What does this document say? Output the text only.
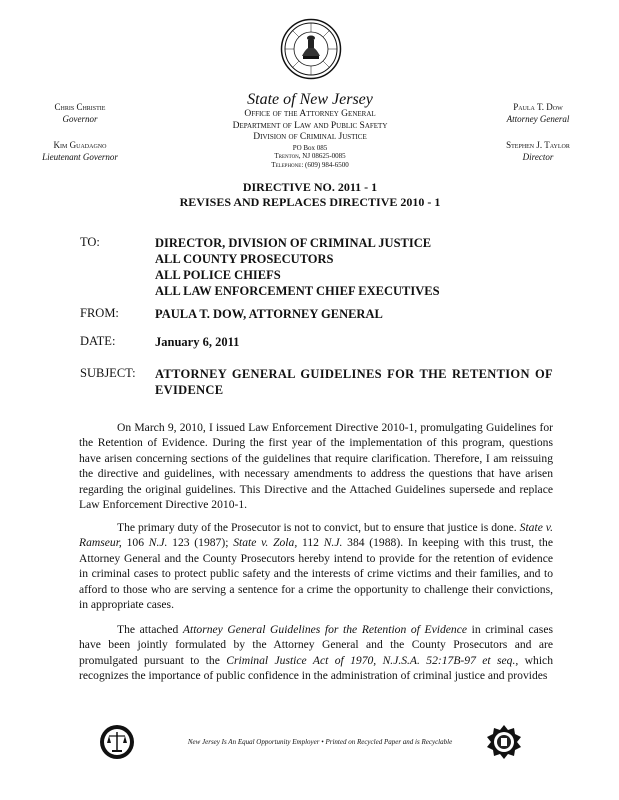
Chris Christie
Governor
Kim Guadagno
Lieutenant Governor
State of New Jersey
Office of the Attorney General
Department of Law and Public Safety
Division of Criminal Justice
PO Box 085
Trenton, NJ 08625-0085
Telephone: (609) 984-6500
Paula T. Dow
Attorney General
Stephen J. Taylor
Director
DIRECTIVE NO. 2011 - 1
REVISES AND REPLACES DIRECTIVE 2010 - 1
TO:	DIRECTOR, DIVISION OF CRIMINAL JUSTICE
ALL COUNTY PROSECUTORS
ALL POLICE CHIEFS
ALL LAW ENFORCEMENT CHIEF EXECUTIVES
FROM:	PAULA T. DOW, ATTORNEY GENERAL
DATE:	January 6, 2011
SUBJECT: ATTORNEY GENERAL GUIDELINES FOR THE RETENTION OF EVIDENCE

On March 9, 2010, I issued Law Enforcement Directive 2010-1, promulgating Guidelines for the Retention of Evidence. During the first year of the implementation of this program, questions have arisen concerning sections of the guidelines that require clarification. Therefore, I am reissuing the directive and guidelines, with necessary amendments to address the questions that have arisen regarding the original guidelines. This Directive and the Attached Guidelines supersede and replace Law Enforcement Directive 2010-1.

The primary duty of the Prosecutor is not to convict, but to ensure that justice is done. State v. Ramseur, 106 N.J. 123 (1987); State v. Zola, 112 N.J. 384 (1988). In keeping with this trust, the Attorney General and the County Prosecutors hereby intend to provide for the retention of evidence in criminal cases to protect public safety and the interests of crime victims and their families, and to afford to those who are serving a sentence for a crime the opportunity to challenge their convictions, in appropriate cases.

The attached Attorney General Guidelines for the Retention of Evidence in criminal cases have been jointly formulated by the Attorney General and the County Prosecutors and are promulgated pursuant to the Criminal Justice Act of 1970, N.J.S.A. 52:17B-97 et seq., which recognizes the importance of public confidence in the administration of criminal justice and provides

New Jersey Is An Equal Opportunity Employer • Printed on Recycled Paper and is Recyclable
